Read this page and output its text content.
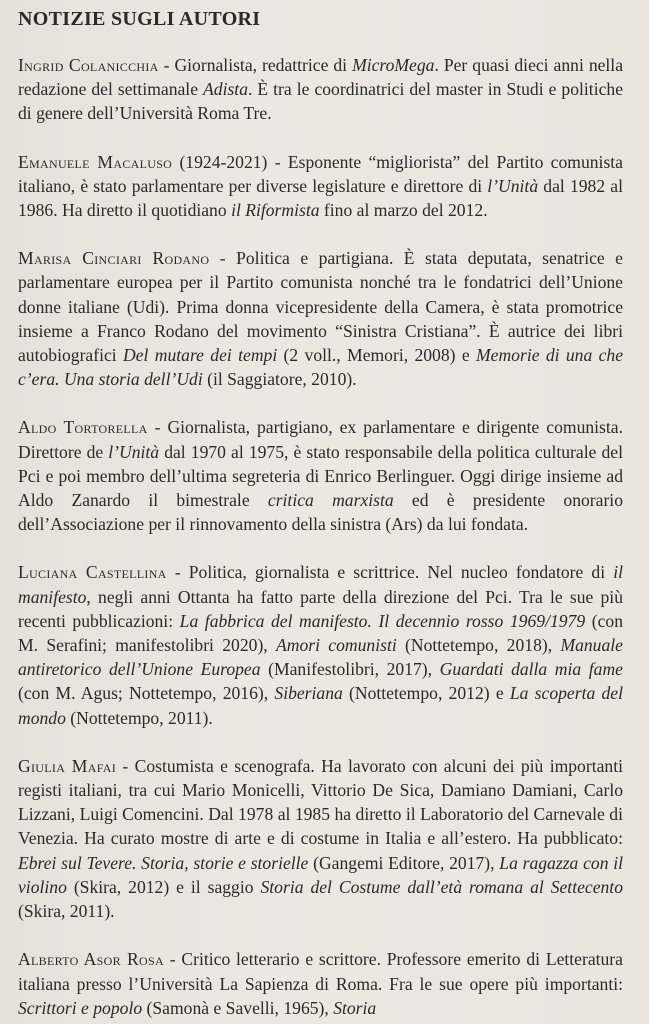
NOTIZIE SUGLI AUTORI

Ingrid Colanicchia - Giornalista, redattrice di MicroMega. Per quasi dieci anni nella redazione del settimanale Adista. È tra le coordinatrici del master in Studi e politiche di genere dell’Università Roma Tre.

Emanuele Macaluso (1924-2021) - Esponente “migliorista” del Partito comunista italiano, è stato parlamentare per diverse legislature e direttore di l’Unità dal 1982 al 1986. Ha diretto il quotidiano il Riformista fino al marzo del 2012.

Marisa Cinciari Rodano - Politica e partigiana. È stata deputata, senatrice e parlamentare europea per il Partito comunista nonché tra le fondatrici dell’Unione donne italiane (Udi). Prima donna vicepresidente della Camera, è stata promotrice insieme a Franco Rodano del movimento “Sinistra Cristiana”. È autrice dei libri autobiografici Del mutare dei tempi (2 voll., Memori, 2008) e Memorie di una che c’era. Una storia dell’Udi (il Saggiatore, 2010).

Aldo Tortorella - Giornalista, partigiano, ex parlamentare e dirigente comunista. Direttore de l’Unità dal 1970 al 1975, è stato responsabile della politica culturale del Pci e poi membro dell’ultima segreteria di Enrico Berlinguer. Oggi dirige insieme ad Aldo Zanardo il bimestrale critica marxista ed è presidente onorario dell’Associazione per il rinnovamento della sinistra (Ars) da lui fondata.

Luciana Castellina - Politica, giornalista e scrittrice. Nel nucleo fondatore di il manifesto, negli anni Ottanta ha fatto parte della direzione del Pci. Tra le sue più recenti pubblicazioni: La fabbrica del manifesto. Il decennio rosso 1969/1979 (con M. Serafini; manifestolibri 2020), Amori comunisti (Nottetempo, 2018), Manuale antiretorico dell’Unione Europea (Manifestolibri, 2017), Guardati dalla mia fame (con M. Agus; Nottetempo, 2016), Siberiana (Nottetempo, 2012) e La scoperta del mondo (Nottetempo, 2011).

Giulia Mafai - Costumista e scenografa. Ha lavorato con alcuni dei più importanti registi italiani, tra cui Mario Monicelli, Vittorio De Sica, Damiano Damiani, Carlo Lizzani, Luigi Comencini. Dal 1978 al 1985 ha diretto il Laboratorio del Carnevale di Venezia. Ha curato mostre di arte e di costume in Italia e all’estero. Ha pubblicato: Ebrei sul Tevere. Storia, storie e storielle (Gangemi Editore, 2017), La ragazza con il violino (Skira, 2012) e il saggio Storia del Costume dall’età romana al Settecento (Skira, 2011).

Alberto Asor Rosa - Critico letterario e scrittore. Professore emerito di Letteratura italiana presso l’Università La Sapienza di Roma. Fra le sue opere più importanti: Scrittori e popolo (Samonà e Savelli, 1965), Storia
